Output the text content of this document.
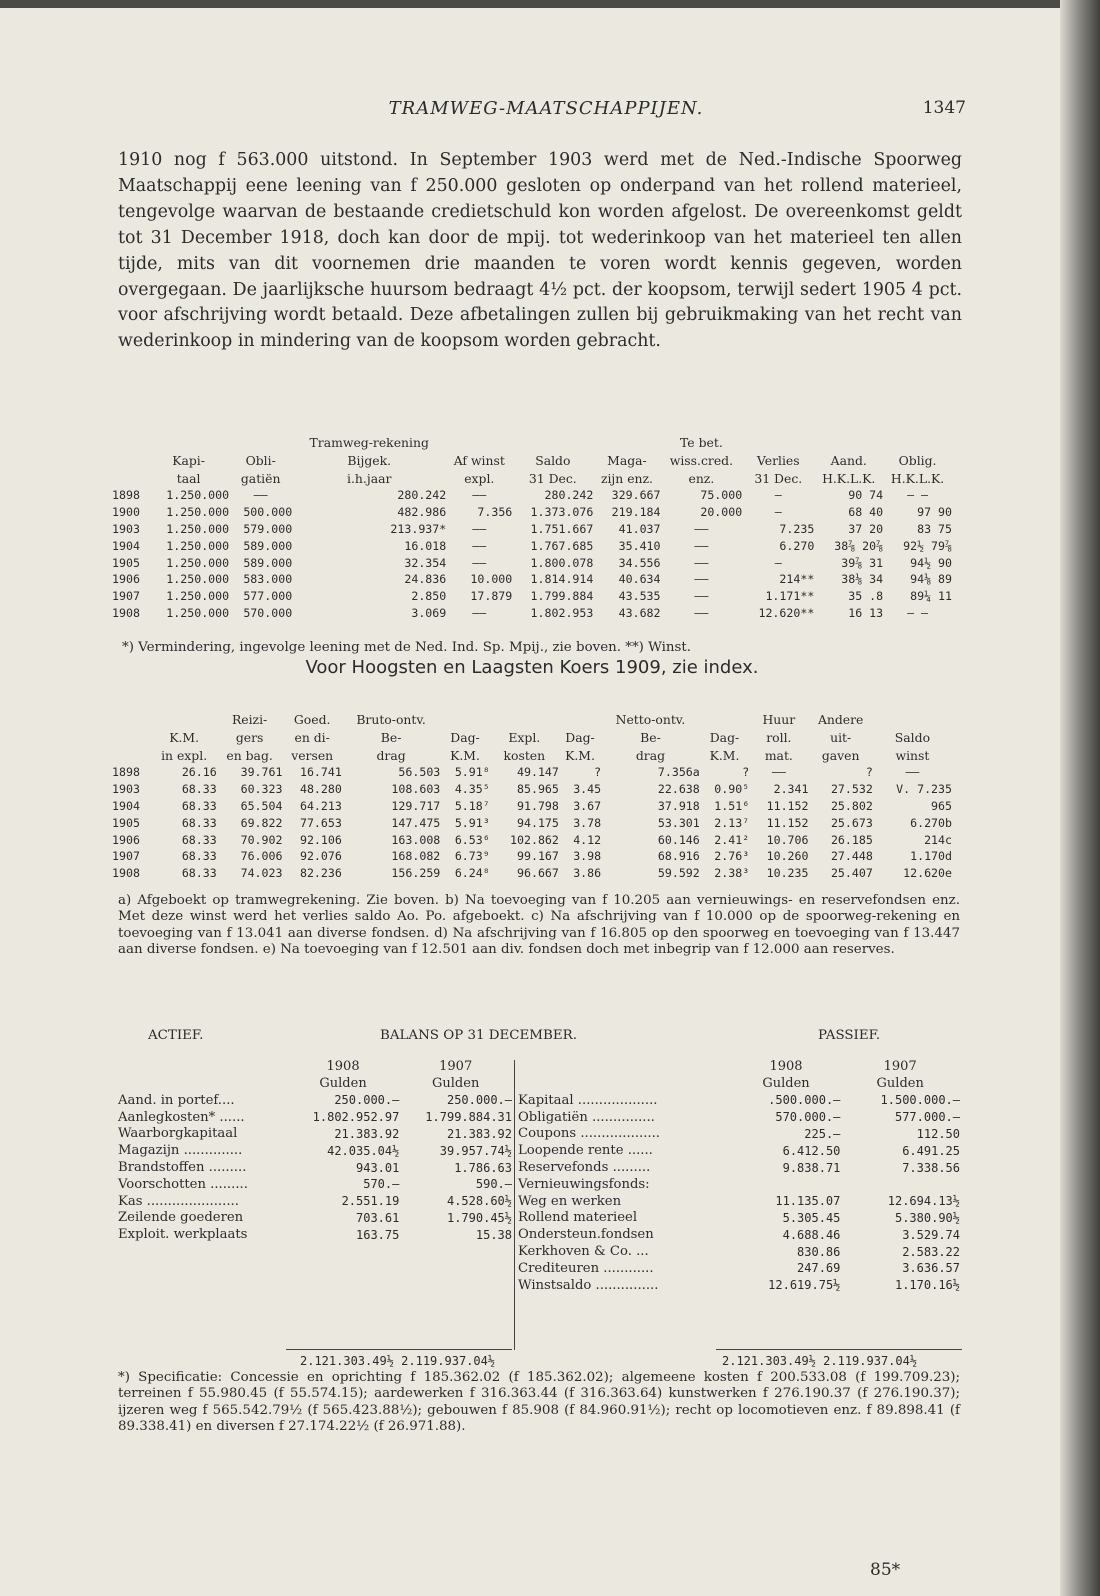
TRAMWEG-MAATSCHAPPIJEN.	1347
1910 nog f 563.000 uitstond. In September 1903 werd met de Ned.-Indische Spoorweg Maatschappij eene leening van f 250.000 gesloten op onderpand van het rollend materieel, tengevolge waarvan de bestaande credietschuld kon worden afgelost. De overeenkomst geldt tot 31 December 1918, doch kan door de mpij. tot wederinkoop van het materieel ten allen tijde, mits van dit voornemen drie maanden te voren wordt kennis gegeven, worden overgegaan. De jaarlijksche huursom bedraagt 4½ pct. der koopsom, terwijl sedert 1905 4 pct. voor afschrijving wordt betaald. Deze afbetalingen zullen bij gebruikmaking van het recht van wederinkoop in mindering van de koopsom worden gebracht.
			Tramweg-rekening				Te bet.			
	Kapi-	Obli-	Bijgek.	Af winst	Saldo	Maga-	wiss.cred.	Verlies	Aand.	Oblig.
	taal	gatiën	i.h.jaar	expl.	31 Dec.	zijn enz.	enz.	31 Dec.	H.K.L.K.	H.K.L.K.
1898	1.250.000	——	280.242	——	280.242	329.667	75.000	—	90 74	— —
1900	1.250.000	500.000	482.986	7.356	1.373.076	219.184	20.000	—	68 40	97 90
1903	1.250.000	579.000	213.937*	——	1.751.667	41.037	——	7.235	37 20	83 75
1904	1.250.000	589.000	16.018	——	1.767.685	35.410	——	6.270	38⅞ 20⅞	92½ 79⅞
1905	1.250.000	589.000	32.354	——	1.800.078	34.556	——	—	39⅞ 31	94½ 90
1906	1.250.000	583.000	24.836	10.000	1.814.914	40.634	——	214**	38⅛ 34	94⅛ 89
1907	1.250.000	577.000	2.850	17.879	1.799.884	43.535	——	1.171**	35 .8	89¼ 11
1908	1.250.000	570.000	3.069	——	1.802.953	43.682	——	12.620**	16 13	— —
*) Vermindering, ingevolge leening met de Ned. Ind. Sp. Mpij., zie boven. **) Winst.
Voor Hoogsten en Laagsten Koers 1909, zie index.
		Reizi-	Goed.	Bruto-ontv.				Netto-ontv.		Huur	Andere	
	K.M.	gers	en di-	Be-	Dag-	Expl.	Dag-	Be-	Dag-	roll.	uit-	Saldo
	in expl.	en bag.	versen	drag	K.M.	kosten	K.M.	drag	K.M.	mat.	gaven	winst
1898	26.16	39.761	16.741	56.503	5.91⁸	49.147	?	7.356a	?	——	?	——
1903	68.33	60.323	48.280	108.603	4.35⁵	85.965	3.45	22.638	0.90⁵	2.341	27.532	V. 7.235
1904	68.33	65.504	64.213	129.717	5.18⁷	91.798	3.67	37.918	1.51⁶	11.152	25.802	965
1905	68.33	69.822	77.653	147.475	5.91³	94.175	3.78	53.301	2.13⁷	11.152	25.673	6.270b
1906	68.33	70.902	92.106	163.008	6.53⁶	102.862	4.12	60.146	2.41²	10.706	26.185	214c
1907	68.33	76.006	92.076	168.082	6.73⁹	99.167	3.98	68.916	2.76³	10.260	27.448	1.170d
1908	68.33	74.023	82.236	156.259	6.24⁸	96.667	3.86	59.592	2.38³	10.235	25.407	12.620e
a) Afgeboekt op tramwegrekening. Zie boven. b) Na toevoeging van f 10.205 aan vernieuwings- en reservefondsen enz. Met deze winst werd het verlies saldo Ao. Po. afgeboekt. c) Na afschrijving van f 10.000 op de spoorweg-rekening en toevoeging van f 13.041 aan diverse fondsen. d) Na afschrijving van f 16.805 op den spoorweg en toevoeging van f 13.447 aan diverse fondsen. e) Na toevoeging van f 12.501 aan div. fondsen doch met inbegrip van f 12.000 aan reserves.
ACTIEF.	BALANS OP 31 DECEMBER.	PASSIEF.
	1908	1907
	Gulden	Gulden
Aand. in portef....	250.000.—	250.000.—
Aanlegkosten* ......	1.802.952.97	1.799.884.31
Waarborgkapitaal	21.383.92	21.383.92
Magazijn ..............	42.035.04½	39.957.74½
Brandstoffen .........	943.01	1.786.63
Voorschotten .........	570.—	590.—
Kas ......................	2.551.19	4.528.60½
Zeilende goederen	703.61	1.790.45½
Exploit. werkplaats	163.75	15.38
	1908	1907
	Gulden	Gulden
Kapitaal ...................	.500.000.—	1.500.000.—
Obligatiën ...............	570.000.—	577.000.—
Coupons ...................	225.—	112.50
Loopende rente ......	6.412.50	6.491.25
Reservefonds .........	9.838.71	7.338.56
Vernieuwingsfonds:		
Weg en werken	11.135.07	12.694.13½
Rollend materieel	5.305.45	5.380.90½
Ondersteun.fondsen	4.688.46	3.529.74
Kerkhoven & Co. ...	830.86	2.583.22
Crediteuren ............	247.69	3.636.57
Winstsaldo ...............	12.619.75½	1.170.16½
2.121.303.49½ 2.119.937.04½	2.121.303.49½ 2.119.937.04½
*) Specificatie: Concessie en oprichting f 185.362.02 (f 185.362.02); algemeene kosten f 200.533.08 (f 199.709.23); terreinen f 55.980.45 (f 55.574.15); aardewerken f 316.363.44 (f 316.363.64) kunstwerken f 276.190.37 (f 276.190.37); ijzeren weg f 565.542.79½ (f 565.423.88½); gebouwen f 85.908 (f 84.960.91½); recht op locomotieven enz. f 89.898.41 (f 89.338.41) en diversen f 27.174.22½ (f 26.971.88).
85*
